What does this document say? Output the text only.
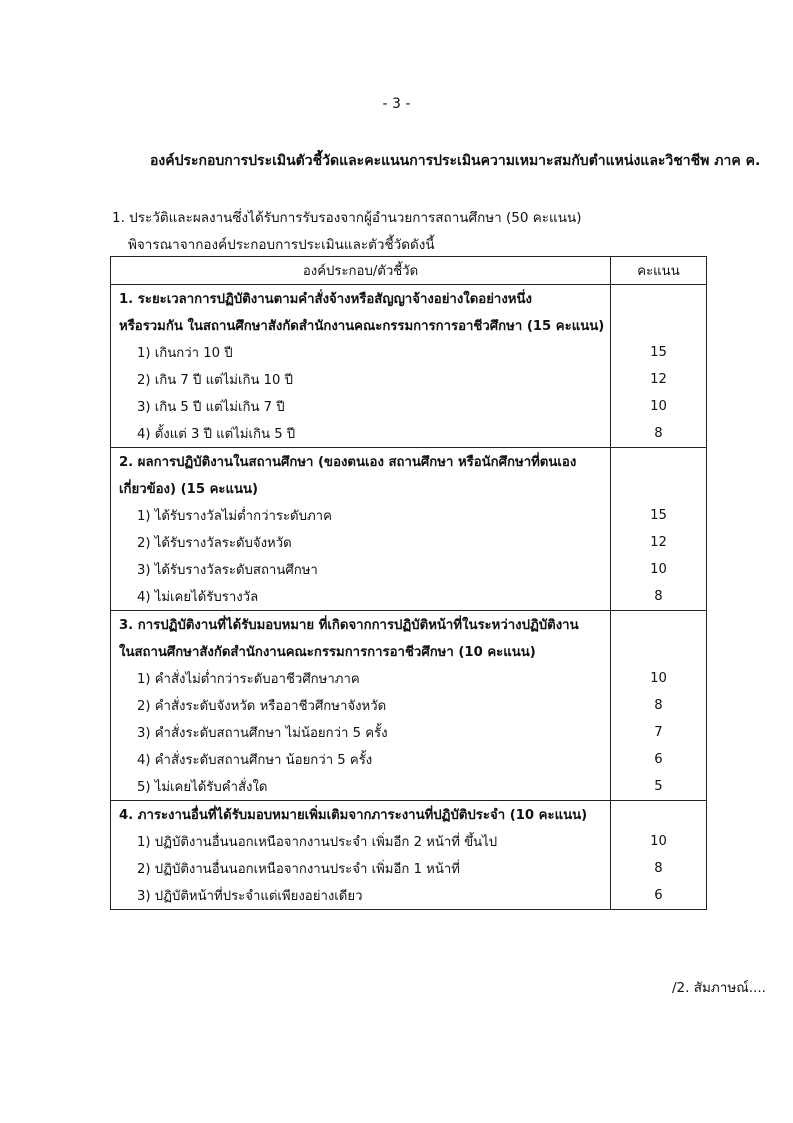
- 3 -
องค์ประกอบการประเมินตัวชี้วัดและคะแนนการประเมินความเหมาะสมกับตำแหน่งและวิชาชีพ ภาค ค.
1. ประวัติและผลงานซึ่งได้รับการรับรองจากผู้อำนวยการสถานศึกษา (50 คะแนน)
พิจารณาจากองค์ประกอบการประเมินและตัวชี้วัดดังนี้
องค์ประกอบ/ตัวชี้วัด	คะแนน
1. ระยะเวลาการปฏิบัติงานตามคำสั่งจ้างหรือสัญญาจ้างอย่างใดอย่างหนึ่ง	
หรือรวมกัน ในสถานศึกษาสังกัดสำนักงานคณะกรรมการการอาชีวศึกษา (15 คะแนน)	
1) เกินกว่า 10 ปี	15
2) เกิน 7 ปี แต่ไม่เกิน 10 ปี	12
3) เกิน 5 ปี แต่ไม่เกิน 7 ปี	10
4) ตั้งแต่ 3 ปี แต่ไม่เกิน 5 ปี	8
2. ผลการปฏิบัติงานในสถานศึกษา (ของตนเอง สถานศึกษา หรือนักศึกษาที่ตนเอง	
เกี่ยวข้อง) (15 คะแนน)	
1) ได้รับรางวัลไม่ต่ำกว่าระดับภาค	15
2) ได้รับรางวัลระดับจังหวัด	12
3) ได้รับรางวัลระดับสถานศึกษา	10
4) ไม่เคยได้รับรางวัล	8
3. การปฏิบัติงานที่ได้รับมอบหมาย ที่เกิดจากการปฏิบัติหน้าที่ในระหว่างปฏิบัติงาน	
ในสถานศึกษาสังกัดสำนักงานคณะกรรมการการอาชีวศึกษา (10 คะแนน)	
1) คำสั่งไม่ต่ำกว่าระดับอาชีวศึกษาภาค	10
2) คำสั่งระดับจังหวัด หรืออาชีวศึกษาจังหวัด	8
3) คำสั่งระดับสถานศึกษา ไม่น้อยกว่า 5 ครั้ง	7
4) คำสั่งระดับสถานศึกษา น้อยกว่า 5 ครั้ง	6
5) ไม่เคยได้รับคำสั่งใด	5
4. ภาระงานอื่นที่ได้รับมอบหมายเพิ่มเติมจากภาระงานที่ปฏิบัติประจำ (10 คะแนน)	
1) ปฏิบัติงานอื่นนอกเหนือจากงานประจำ เพิ่มอีก 2 หน้าที่ ขึ้นไป	10
2) ปฏิบัติงานอื่นนอกเหนือจากงานประจำ เพิ่มอีก 1 หน้าที่	8
3) ปฏิบัติหน้าที่ประจำแต่เพียงอย่างเดียว	6
/2. สัมภาษณ์....
